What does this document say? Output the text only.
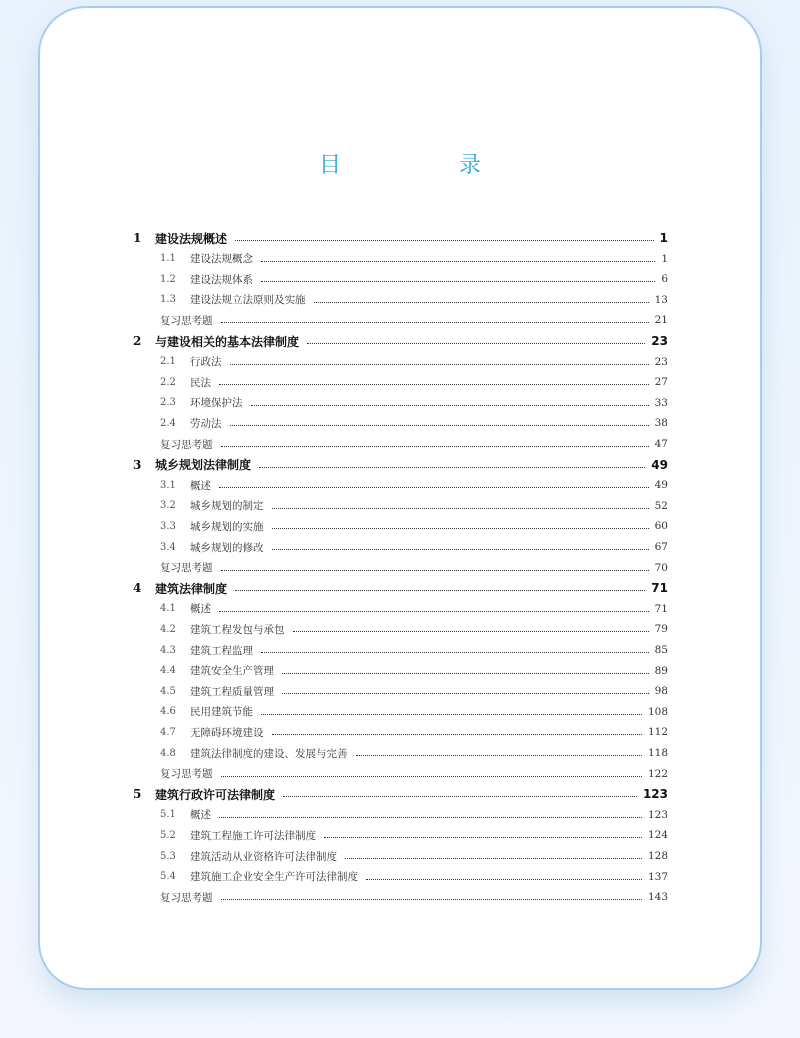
目　录
1 建设法规概述	1
1.1 建设法规概念	1
1.2 建设法规体系	6
1.3 建设法规立法原则及实施	13
复习思考题	21
2 与建设相关的基本法律制度	23
2.1 行政法	23
2.2 民法	27
2.3 环境保护法	33
2.4 劳动法	38
复习思考题	47
3 城乡规划法律制度	49
3.1 概述	49
3.2 城乡规划的制定	52
3.3 城乡规划的实施	60
3.4 城乡规划的修改	67
复习思考题	70
4 建筑法律制度	71
4.1 概述	71
4.2 建筑工程发包与承包	79
4.3 建筑工程监理	85
4.4 建筑安全生产管理	89
4.5 建筑工程质量管理	98
4.6 民用建筑节能	108
4.7 无障碍环境建设	112
4.8 建筑法律制度的建设、发展与完善	118
复习思考题	122
5 建筑行政许可法律制度	123
5.1 概述	123
5.2 建筑工程施工许可法律制度	124
5.3 建筑活动从业资格许可法律制度	128
5.4 建筑施工企业安全生产许可法律制度	137
复习思考题	143
